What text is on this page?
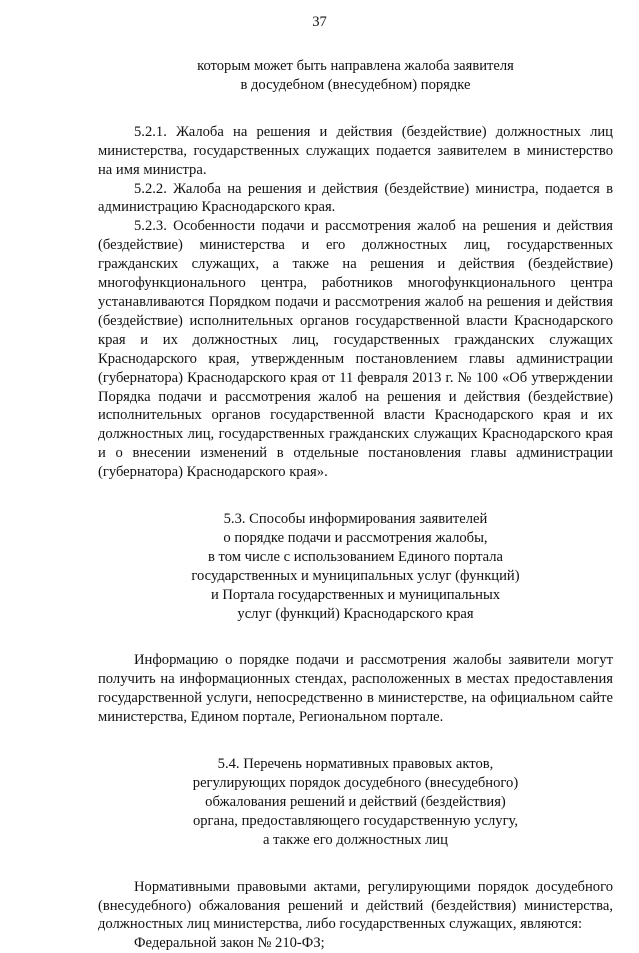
37
которым может быть направлена жалоба заявителя
в досудебном (внесудебном) порядке

5.2.1. Жалоба на решения и действия (бездействие) должностных лиц министерства, государственных служащих подается заявителем в министерство на имя министра.

5.2.2. Жалоба на решения и действия (бездействие) министра, подается в администрацию Краснодарского края.

5.2.3. Особенности подачи и рассмотрения жалоб на решения и действия (бездействие) министерства и его должностных лиц, государственных гражданских служащих, а также на решения и действия (бездействие) многофункционального центра, работников многофункционального центра устанавливаются Порядком подачи и рассмотрения жалоб на решения и действия (бездействие) исполнительных органов государственной власти Краснодарского края и их должностных лиц, государственных гражданских служащих Краснодарского края, утвержденным постановлением главы администрации (губернатора) Краснодарского края от 11 февраля 2013 г. № 100 «Об утверждении Порядка подачи и рассмотрения жалоб на решения и действия (бездействие) исполнительных органов государственной власти Краснодарского края и их должностных лиц, государственных гражданских служащих Краснодарского края и о внесении изменений в отдельные постановления главы администрации (губернатора) Краснодарского края».

5.3. Способы информирования заявителей
о порядке подачи и рассмотрения жалобы,
в том числе с использованием Единого портала
государственных и муниципальных услуг (функций)
и Портала государственных и муниципальных
услуг (функций) Краснодарского края

Информацию о порядке подачи и рассмотрения жалобы заявители могут получить на информационных стендах, расположенных в местах предоставления государственной услуги, непосредственно в министерстве, на официальном сайте министерства, Едином портале, Региональном портале.

5.4. Перечень нормативных правовых актов,
регулирующих порядок досудебного (внесудебного)
обжалования решений и действий (бездействия)
органа, предоставляющего государственную услугу,
а также его должностных лиц

Нормативными правовыми актами, регулирующими порядок досудебного (внесудебного) обжалования решений и действий (бездействия) министерства, должностных лиц министерства, либо государственных служащих, являются:

Федеральной закон № 210-ФЗ;
